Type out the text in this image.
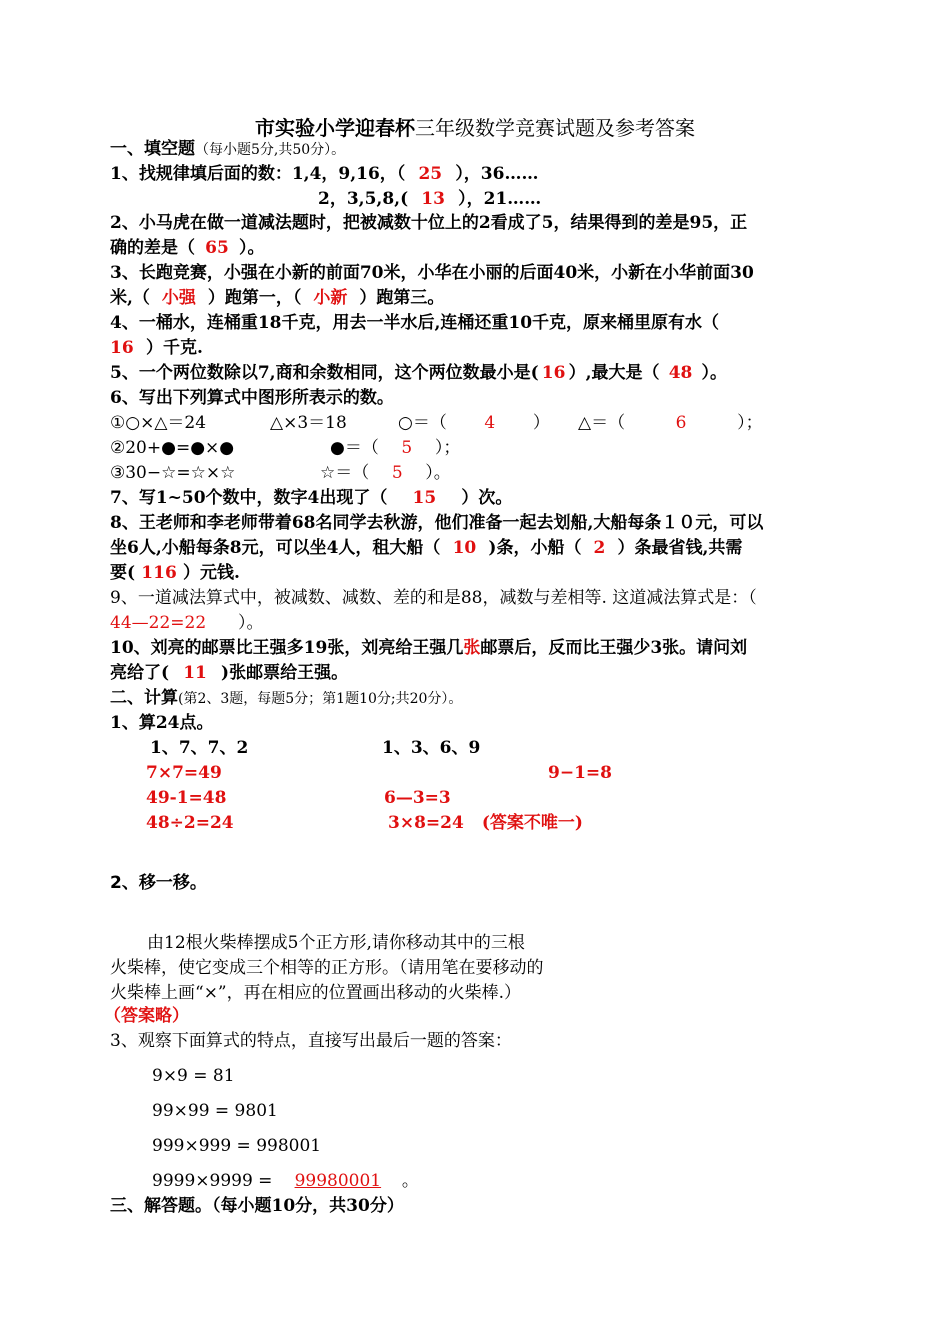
市实验小学迎春杯三年级数学竞赛试题及参考答案
一、填空题（每小题5分,共50分）。
1、找规律填后面的数：1,4，9,16，（ 25 ），36……
2，3,5,8,( 13 ），21……
2、小马虎在做一道减法题时，把被减数十位上的2看成了5，结果得到的差是95，正
确的差是（ 65 ）。
3、长跑竞赛，小强在小新的前面70米，小华在小丽的后面40米，小新在小华前面30
米,（ 小强 ）跑第一，（ 小新 ）跑第三。
4、一桶水，连桶重18千克，用去一半水后,连桶还重10千克，原来桶里原有水（
16 ）千克.
5、一个两位数除以7,商和余数相同，这个两位数最小是( 16 ）,最大是（ 48 ）。
6、写出下列算式中图形所表示的数。
①○×△＝24	△×3＝18	○＝（ 4 ） △＝（	6	）；
②20+●=●×●	●＝（ 5 ）；
③30−☆=☆×☆	☆＝（ 5 ）。
7、写1~50个数中，数字4出现了（ 15 ）次。
8、王老师和李老师带着68名同学去秋游，他们准备一起去划船,大船每条１０元，可以
坐6人,小船每条8元，可以坐4人，租大船（ 10 )条，小船（ 2 ）条最省钱,共需
要( 116 ）元钱.
9、一道减法算式中，被减数、减数、差的和是88，减数与差相等. 这道减法算式是：（
44—22=22 ）。
10、刘亮的邮票比王强多19张，刘亮给王强几张邮票后，反而比王强少3张。请问刘
亮给了( 11 )张邮票给王强。
二、计算(第2、3题，每题5分；第1题10分;共20分）。
1、算24点。
1、7、7、2	1、3、6、9
7×7=49	9−1=8
49-1=48	6—3=3
48÷2=24	3×8=24 (答案不唯一)
2、移一移。
由12根火柴棒摆成5个正方形,请你移动其中的三根
火柴棒，使它变成三个相等的正方形。（请用笔在要移动的
火柴棒上画“×”，再在相应的位置画出移动的火柴棒.）
（答案略）
3、观察下面算式的特点，直接写出最后一题的答案：
9×9 = 81
99×99 = 9801
999×999 = 998001
9999×9999 = 99980001 。
三、解答题。（每小题10分，共30分）
